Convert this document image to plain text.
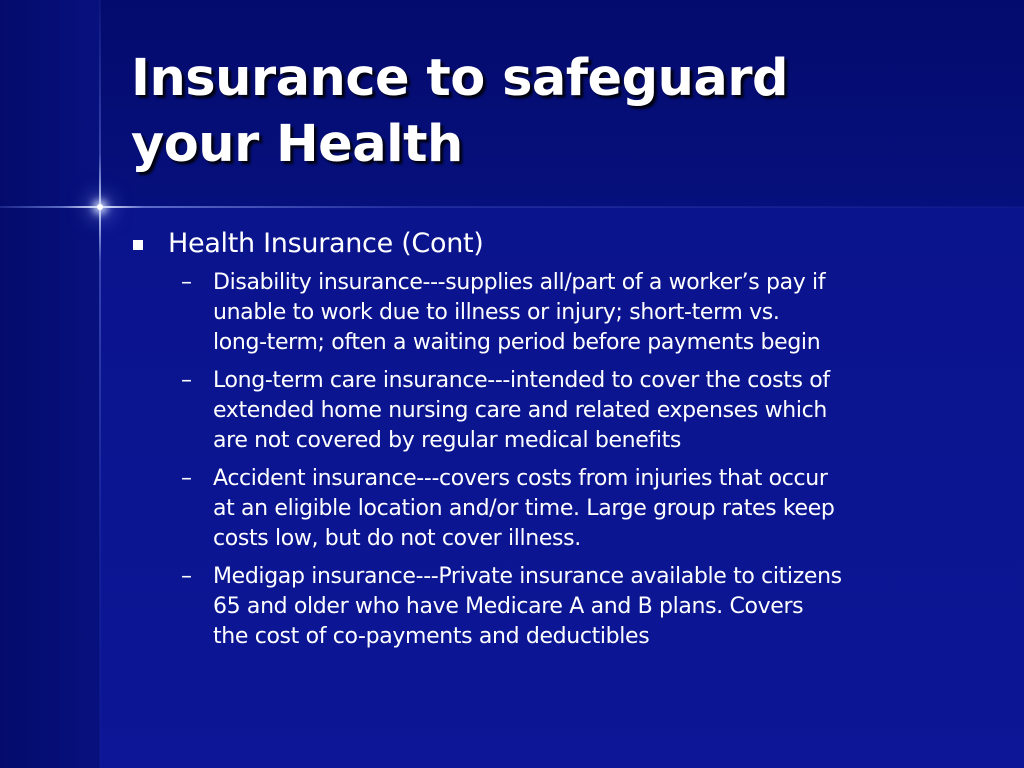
Insurance to safeguard
your Health
Health Insurance (Cont)
– Disability insurance---supplies all/part of a worker’s pay if
unable to work due to illness or injury; short-term vs.
long-term; often a waiting period before payments begin
– Long-term care insurance---intended to cover the costs of
extended home nursing care and related expenses which
are not covered by regular medical benefits
– Accident insurance---covers costs from injuries that occur
at an eligible location and/or time. Large group rates keep
costs low, but do not cover illness.
– Medigap insurance---Private insurance available to citizens
65 and older who have Medicare A and B plans. Covers
the cost of co-payments and deductibles
